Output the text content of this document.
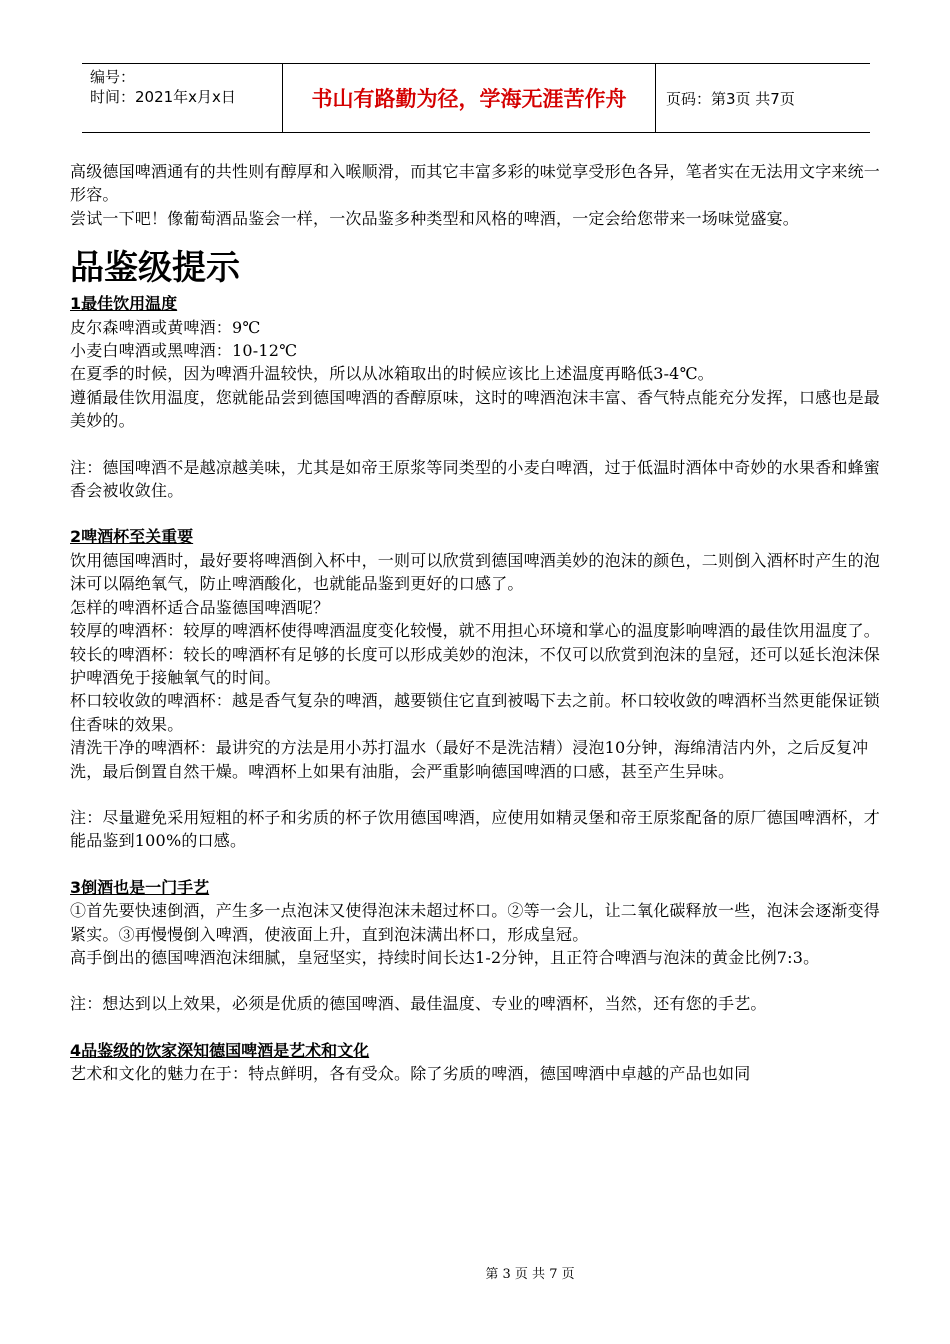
编号：
时间：2021年x月x日	书山有路勤为径，学海无涯苦作舟	页码：第3页 共7页

高级德国啤酒通有的共性则有醇厚和入喉顺滑，而其它丰富多彩的味觉享受形色各异，笔者实在无法用文字来统一形容。

尝试一下吧！像葡萄酒品鉴会一样，一次品鉴多种类型和风格的啤酒，一定会给您带来一场味觉盛宴。

品鉴级提示

1最佳饮用温度

皮尔森啤酒或黄啤酒：9℃

小麦白啤酒或黑啤酒：10-12℃

在夏季的时候，因为啤酒升温较快，所以从冰箱取出的时候应该比上述温度再略低3-4℃。

遵循最佳饮用温度，您就能品尝到德国啤酒的香醇原味，这时的啤酒泡沫丰富、香气特点能充分发挥，口感也是最美妙的。

注：德国啤酒不是越凉越美味，尤其是如帝王原浆等同类型的小麦白啤酒，过于低温时酒体中奇妙的水果香和蜂蜜香会被收敛住。

2啤酒杯至关重要

饮用德国啤酒时，最好要将啤酒倒入杯中，一则可以欣赏到德国啤酒美妙的泡沫的颜色，二则倒入酒杯时产生的泡沫可以隔绝氧气，防止啤酒酸化，也就能品鉴到更好的口感了。

怎样的啤酒杯适合品鉴德国啤酒呢？

较厚的啤酒杯：较厚的啤酒杯使得啤酒温度变化较慢，就不用担心环境和掌心的温度影响啤酒的最佳饮用温度了。

较长的啤酒杯：较长的啤酒杯有足够的长度可以形成美妙的泡沫，不仅可以欣赏到泡沫的皇冠，还可以延长泡沫保护啤酒免于接触氧气的时间。

杯口较收敛的啤酒杯：越是香气复杂的啤酒，越要锁住它直到被喝下去之前。杯口较收敛的啤酒杯当然更能保证锁住香味的效果。

清洗干净的啤酒杯：最讲究的方法是用小苏打温水（最好不是洗洁精）浸泡10分钟，海绵清洁内外，之后反复冲洗，最后倒置自然干燥。啤酒杯上如果有油脂，会严重影响德国啤酒的口感，甚至产生异味。

注：尽量避免采用短粗的杯子和劣质的杯子饮用德国啤酒，应使用如精灵堡和帝王原浆配备的原厂德国啤酒杯，才能品鉴到100%的口感。

3倒酒也是一门手艺

①首先要快速倒酒，产生多一点泡沫又使得泡沫未超过杯口。②等一会儿，让二氧化碳释放一些，泡沫会逐渐变得紧实。③再慢慢倒入啤酒，使液面上升，直到泡沫满出杯口，形成皇冠。

高手倒出的德国啤酒泡沫细腻，皇冠坚实，持续时间长达1-2分钟，且正符合啤酒与泡沫的黄金比例7:3。

注：想达到以上效果，必须是优质的德国啤酒、最佳温度、专业的啤酒杯，当然，还有您的手艺。

4品鉴级的饮家深知德国啤酒是艺术和文化

艺术和文化的魅力在于：特点鲜明，各有受众。除了劣质的啤酒，德国啤酒中卓越的产品也如同

第 3 页 共 7 页
